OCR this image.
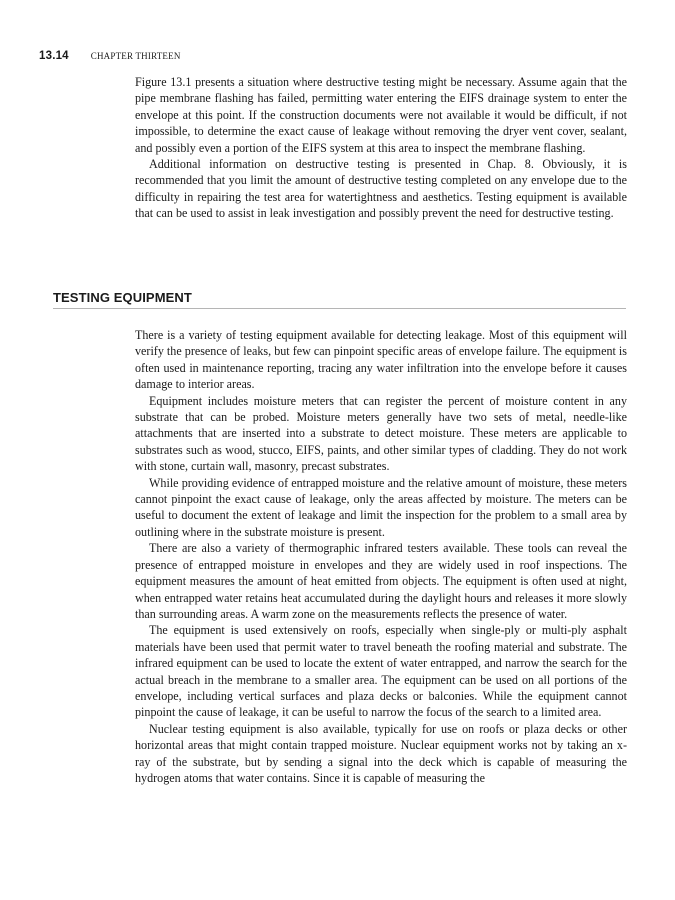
13.14 CHAPTER THIRTEEN

Figure 13.1 presents a situation where destructive testing might be necessary. Assume again that the pipe membrane flashing has failed, permitting water entering the EIFS drainage system to enter the envelope at this point. If the construction documents were not available it would be difficult, if not impossible, to determine the exact cause of leakage without removing the dryer vent cover, sealant, and possibly even a portion of the EIFS system at this area to inspect the membrane flashing.

Additional information on destructive testing is presented in Chap. 8. Obviously, it is recommended that you limit the amount of destructive testing completed on any envelope due to the difficulty in repairing the test area for watertightness and aesthetics. Testing equipment is available that can be used to assist in leak investigation and possibly prevent the need for destructive testing.

TESTING EQUIPMENT

There is a variety of testing equipment available for detecting leakage. Most of this equipment will verify the presence of leaks, but few can pinpoint specific areas of envelope failure. The equipment is often used in maintenance reporting, tracing any water infiltration into the envelope before it causes damage to interior areas.

Equipment includes moisture meters that can register the percent of moisture content in any substrate that can be probed. Moisture meters generally have two sets of metal, needle-like attachments that are inserted into a substrate to detect moisture. These meters are applicable to substrates such as wood, stucco, EIFS, paints, and other similar types of cladding. They do not work with stone, curtain wall, masonry, precast substrates.

While providing evidence of entrapped moisture and the relative amount of moisture, these meters cannot pinpoint the exact cause of leakage, only the areas affected by moisture. The meters can be useful to document the extent of leakage and limit the inspection for the problem to a small area by outlining where in the substrate moisture is present.

There are also a variety of thermographic infrared testers available. These tools can reveal the presence of entrapped moisture in envelopes and they are widely used in roof inspections. The equipment measures the amount of heat emitted from objects. The equipment is often used at night, when entrapped water retains heat accumulated during the daylight hours and releases it more slowly than surrounding areas. A warm zone on the measurements reflects the presence of water.

The equipment is used extensively on roofs, especially when single-ply or multi-ply asphalt materials have been used that permit water to travel beneath the roofing material and substrate. The infrared equipment can be used to locate the extent of water entrapped, and narrow the search for the actual breach in the membrane to a smaller area. The equipment can be used on all portions of the envelope, including vertical surfaces and plaza decks or balconies. While the equipment cannot pinpoint the cause of leakage, it can be useful to narrow the focus of the search to a limited area.

Nuclear testing equipment is also available, typically for use on roofs or plaza decks or other horizontal areas that might contain trapped moisture. Nuclear equipment works not by taking an x-ray of the substrate, but by sending a signal into the deck which is capable of measuring the hydrogen atoms that water contains. Since it is capable of measuring the
